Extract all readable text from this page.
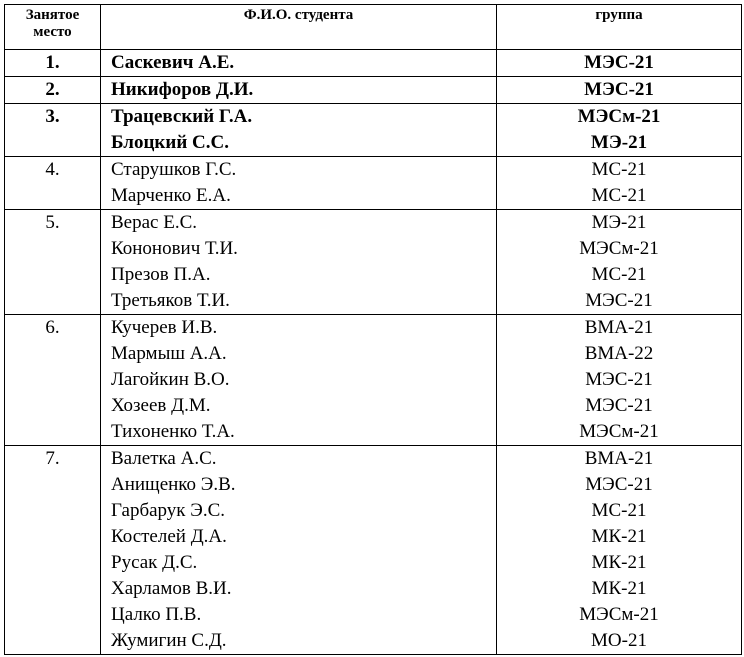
Занятое
место	Ф.И.О. студента	группа
1.	Саскевич А.Е.	МЭС-21
2.	Никифоров Д.И.	МЭС-21
3.	Трацевский Г.А.	МЭСм-21
	Блоцкий С.С.	МЭ-21
4.	Старушков Г.С.	МС-21
	Марченко Е.А.	МС-21
5.	Верас Е.С.	МЭ-21
	Кононович Т.И.	МЭСм-21
	Презов П.А.	МС-21
	Третьяков Т.И.	МЭС-21
6.	Кучерев И.В.	ВМА-21
	Мармыш А.А.	ВМА-22
	Лагойкин В.О.	МЭС-21
	Хозеев Д.М.	МЭС-21
	Тихоненко Т.А.	МЭСм-21
7.	Валетка А.С.	ВМА-21
	Анищенко Э.В.	МЭС-21
	Гарбарук Э.С.	МС-21
	Костелей Д.А.	МК-21
	Русак Д.С.	МК-21
	Харламов В.И.	МК-21
	Цалко П.В.	МЭСм-21
	Жумигин С.Д.	МО-21
